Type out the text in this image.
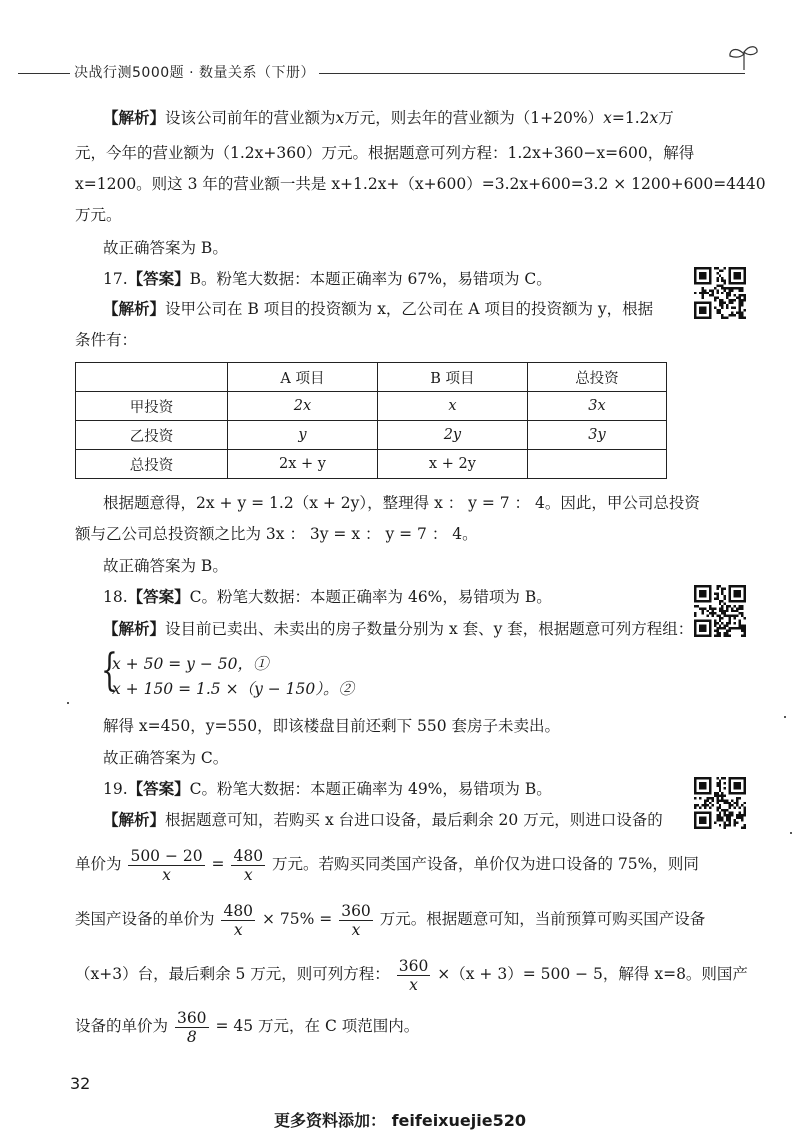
决战行测5000题 · 数量关系（下册）
【解析】设该公司前年的营业额为x万元，则去年的营业额为（1+20%）x=1.2x万
元，今年的营业额为（1.2x+360）万元。根据题意可列方程：1.2x+360−x=600，解得
x=1200。则这 3 年的营业额一共是 x+1.2x+（x+600）=3.2x+600=3.2 × 1200+600=4440
万元。
故正确答案为 B。
17.【答案】B。粉笔大数据：本题正确率为 67%，易错项为 C。
【解析】设甲公司在 B 项目的投资额为 x，乙公司在 A 项目的投资额为 y，根据
条件有：
	A 项目	B 项目	总投资
甲投资	2x	x	3x
乙投资	y	2y	3y
总投资	2x + y	x + 2y	
根据题意得，2x + y = 1.2（x + 2y），整理得 x ： y = 7 ： 4。因此，甲公司总投资
额与乙公司总投资额之比为 3x ： 3y = x ： y = 7 ： 4。
故正确答案为 B。
18.【答案】C。粉笔大数据：本题正确率为 46%，易错项为 B。
【解析】设目前已卖出、未卖出的房子数量分别为 x 套、y 套，根据题意可列方程组：
{
x + 50 = y − 50，①
x + 150 = 1.5 ×（y − 150）。②
解得 x=450，y=550，即该楼盘目前还剩下 550 套房子未卖出。
故正确答案为 C。
19.【答案】C。粉笔大数据：本题正确率为 49%，易错项为 B。
【解析】根据题意可知，若购买 x 台进口设备，最后剩余 20 万元，则进口设备的
单价为 $\frac{500 - 20}{x} = \frac{480}{x}$ 万元。若购买同类国产设备，单价仅为进口设备的 75%，则同
类国产设备的单价为 $\frac{480}{x} \times 75\% = \frac{360}{x}$ 万元。根据题意可知，当前预算可购买国产设备
（x+3）台，最后剩余 5 万元，则可列方程： $\frac{360}{x} \times(x + 3)= 500 - 5$，解得 x=8。则国产
设备的单价为 $\frac{360}{8} = 45$ 万元，在 C 项范围内。
32
更多资料添加： feifeixuejie520
